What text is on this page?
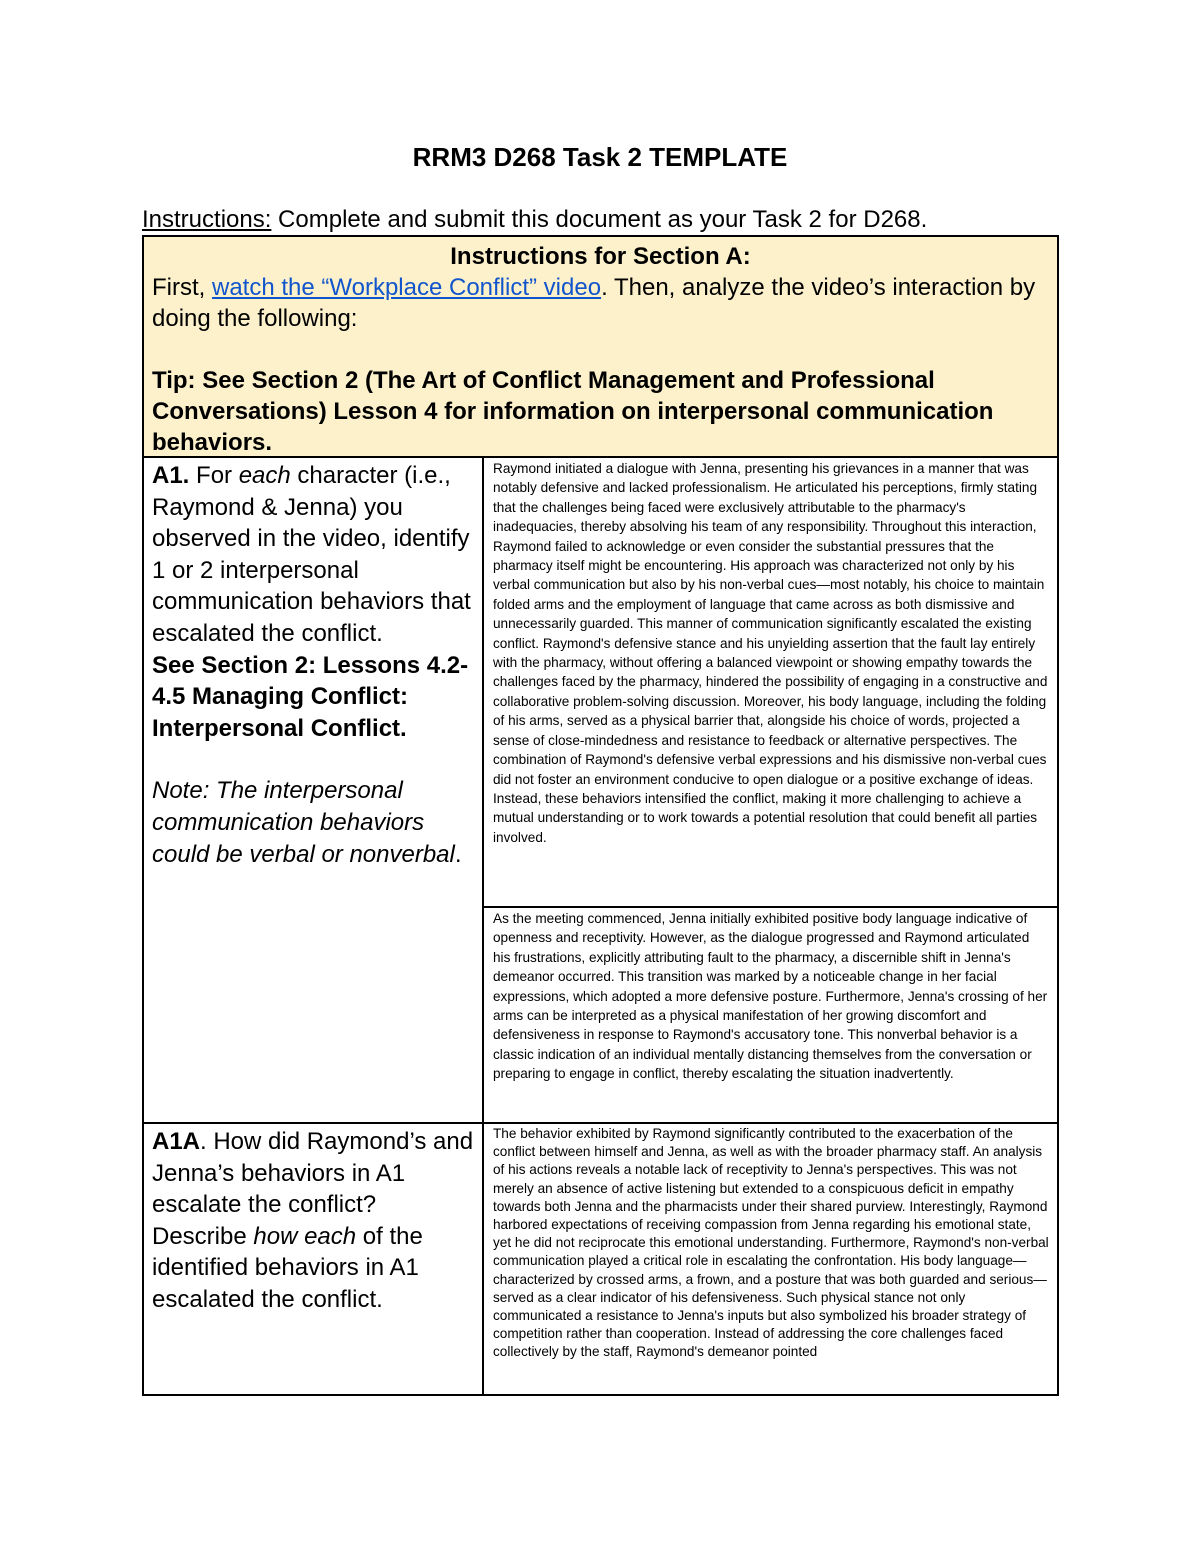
RRM3 D268 Task 2 TEMPLATE
Instructions: Complete and submit this document as your Task 2 for D268.
Instructions for Section A:
First, watch the “Workplace Conflict” video. Then, analyze the video’s interaction by doing the following:
Tip: See Section 2 (The Art of Conflict Management and Professional Conversations) Lesson 4 for information on interpersonal communication behaviors.
A1. For each character (i.e., Raymond & Jenna) you observed in the video, identify 1 or 2 interpersonal communication behaviors that escalated the conflict.
See Section 2: Lessons 4.2-4.5 Managing Conflict: Interpersonal Conflict.
Note: The interpersonal communication behaviors could be verbal or nonverbal.
Raymond initiated a dialogue with Jenna, presenting his grievances in a manner that was notably defensive and lacked professionalism. He articulated his perceptions, firmly stating that the challenges being faced were exclusively attributable to the pharmacy's inadequacies, thereby absolving his team of any responsibility. Throughout this interaction, Raymond failed to acknowledge or even consider the substantial pressures that the pharmacy itself might be encountering. His approach was characterized not only by his verbal communication but also by his non-verbal cues—most notably, his choice to maintain folded arms and the employment of language that came across as both dismissive and unnecessarily guarded. This manner of communication significantly escalated the existing conflict. Raymond's defensive stance and his unyielding assertion that the fault lay entirely with the pharmacy, without offering a balanced viewpoint or showing empathy towards the challenges faced by the pharmacy, hindered the possibility of engaging in a constructive and collaborative problem-solving discussion. Moreover, his body language, including the folding of his arms, served as a physical barrier that, alongside his choice of words, projected a sense of close-mindedness and resistance to feedback or alternative perspectives. The combination of Raymond's defensive verbal expressions and his dismissive non-verbal cues did not foster an environment conducive to open dialogue or a positive exchange of ideas. Instead, these behaviors intensified the conflict, making it more challenging to achieve a mutual understanding or to work towards a potential resolution that could benefit all parties involved.
As the meeting commenced, Jenna initially exhibited positive body language indicative of openness and receptivity. However, as the dialogue progressed and Raymond articulated his frustrations, explicitly attributing fault to the pharmacy, a discernible shift in Jenna's demeanor occurred. This transition was marked by a noticeable change in her facial expressions, which adopted a more defensive posture. Furthermore, Jenna's crossing of her arms can be interpreted as a physical manifestation of her growing discomfort and defensiveness in response to Raymond's accusatory tone. This nonverbal behavior is a classic indication of an individual mentally distancing themselves from the conversation or preparing to engage in conflict, thereby escalating the situation inadvertently.
A1A. How did Raymond’s and Jenna’s behaviors in A1 escalate the conflict? Describe how each of the identified behaviors in A1 escalated the conflict.
The behavior exhibited by Raymond significantly contributed to the exacerbation of the conflict between himself and Jenna, as well as with the broader pharmacy staff. An analysis of his actions reveals a notable lack of receptivity to Jenna's perspectives. This was not merely an absence of active listening but extended to a conspicuous deficit in empathy towards both Jenna and the pharmacists under their shared purview. Interestingly, Raymond harbored expectations of receiving compassion from Jenna regarding his emotional state, yet he did not reciprocate this emotional understanding. Furthermore, Raymond's non-verbal communication played a critical role in escalating the confrontation. His body language—characterized by crossed arms, a frown, and a posture that was both guarded and serious—served as a clear indicator of his defensiveness. Such physical stance not only communicated a resistance to Jenna's inputs but also symbolized his broader strategy of competition rather than cooperation. Instead of addressing the core challenges faced collectively by the staff, Raymond's demeanor pointed
